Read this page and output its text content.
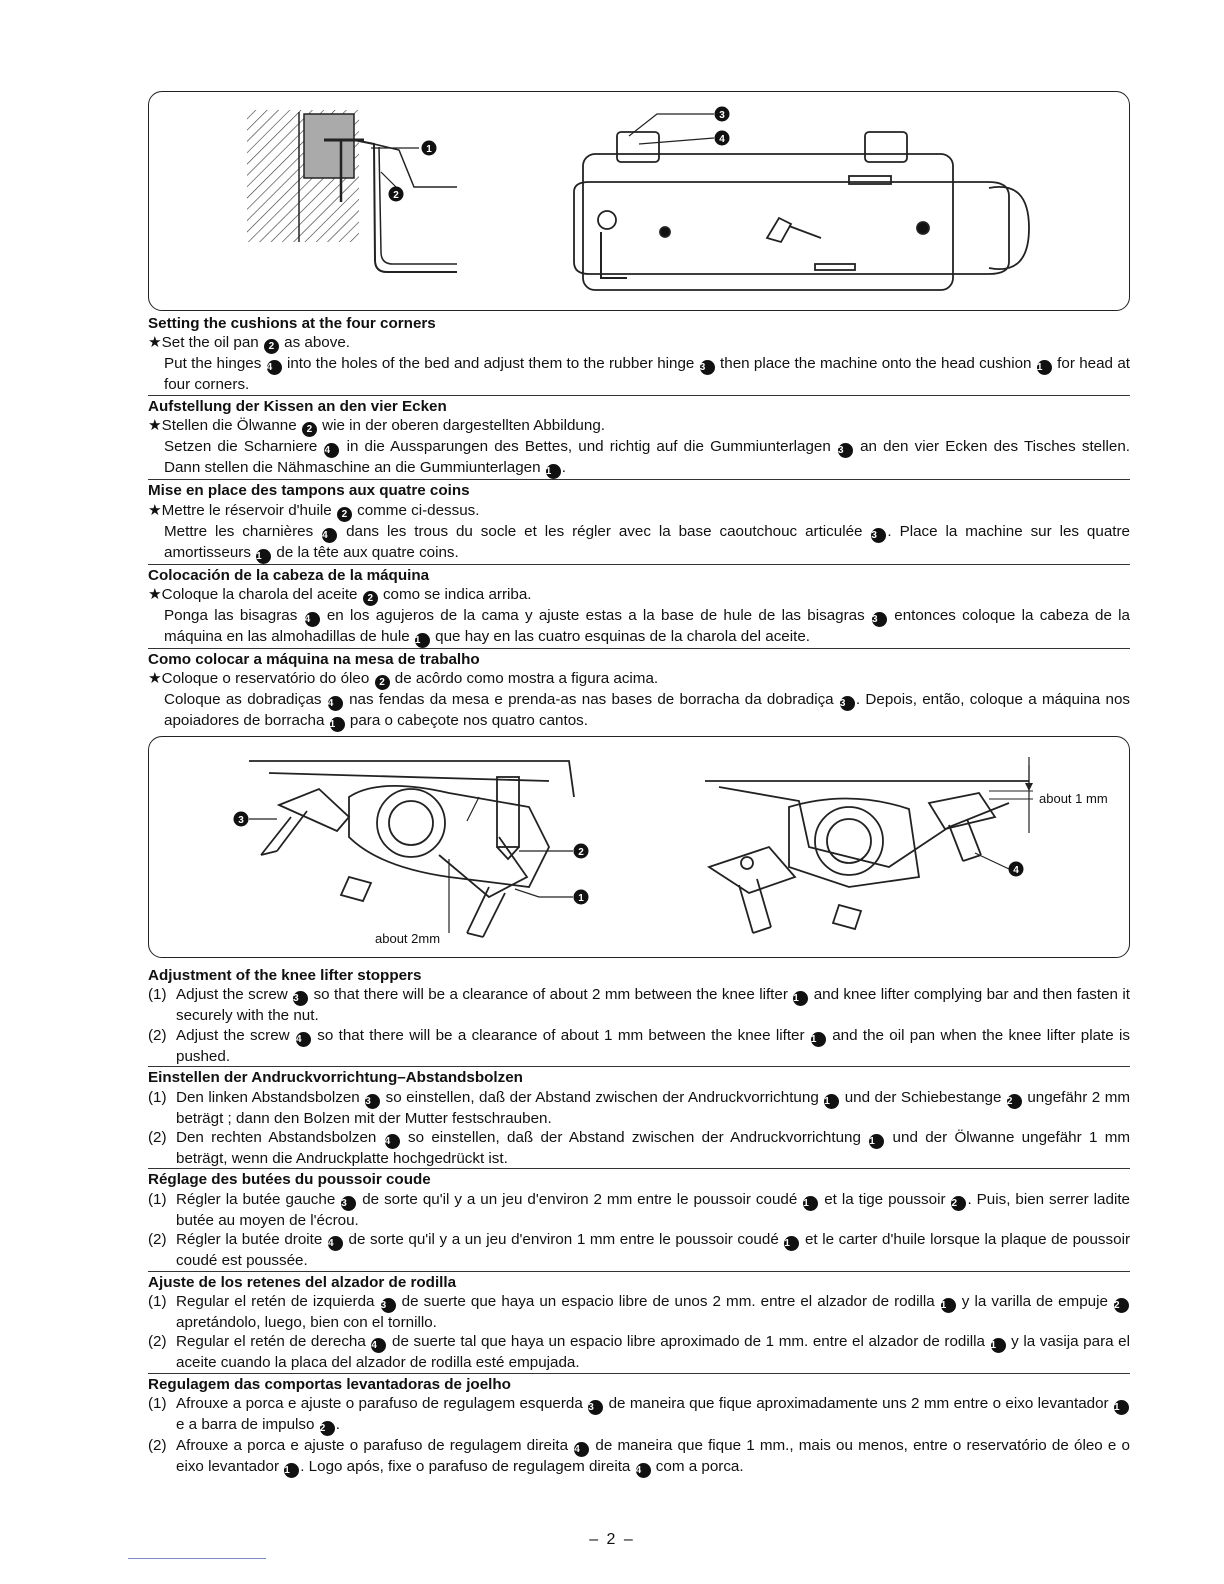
1
2
3
4
Setting the cushions at the four corners
★Set the oil pan 2 as above.
Put the hinges 4 into the holes of the bed and adjust them to the rubber hinge 3 then place the machine onto the head cushion 1 for head at four corners.
Aufstellung der Kissen an den vier Ecken
★Stellen die Ölwanne 2 wie in der oberen dargestellten Abbildung.
Setzen die Scharniere 4 in die Aussparungen des Bettes, und richtig auf die Gummiunterlagen 3 an den vier Ecken des Tisches stellen. Dann stellen die Nähmaschine an die Gummiunterlagen 1 .
Mise en place des tampons aux quatre coins
★Mettre le réservoir d'huile 2 comme ci-dessus.
Mettre les charnières 4 dans les trous du socle et les régler avec la base caoutchouc articulée 3 . Place la machine sur les quatre amortisseurs 1 de la tête aux quatre coins.
Colocación de la cabeza de la máquina
★Coloque la charola del aceite 2 como se indica arriba.
Ponga las bisagras 4 en los agujeros de la cama y ajuste estas a la base de hule de las bisagras 3 entonces coloque la cabeza de la máquina en las almohadillas de hule 1 que hay en las cuatro esquinas de la charola del aceite.
Como colocar a máquina na mesa de trabalho
★Coloque o reservatório do óleo 2 de acôrdo como mostra a figura acima.
Coloque as dobradiças 4 nas fendas da mesa e prenda-as nas bases de borracha da dobradiça 3 . Depois, então, coloque a máquina nos apoiadores de borracha 1 para o cabeçote nos quatro cantos.
3
2
1
about 2mm
about 1 mm
4
Adjustment of the knee lifter stoppers
(1) Adjust the screw 3 so that there will be a clearance of about 2 mm between the knee lifter 1 and knee lifter complying bar and then fasten it securely with the nut.
(2) Adjust the screw 4 so that there will be a clearance of about 1 mm between the knee lifter 1 and the oil pan when the knee lifter plate is pushed.
Einstellen der Andruckvorrichtung–Abstandsbolzen
(1) Den linken Abstandsbolzen 3 so einstellen, daß der Abstand zwischen der Andruckvorrichtung 1 und der Schiebestange 2 ungefähr 2 mm beträgt ; dann den Bolzen mit der Mutter festschrauben.
(2) Den rechten Abstandsbolzen 4 so einstellen, daß der Abstand zwischen der Andruckvorrichtung 1 und der Ölwanne ungefähr 1 mm beträgt, wenn die Andruckplatte hochgedrückt ist.
Réglage des butées du poussoir coude
(1) Régler la butée gauche 3 de sorte qu'il y a un jeu d'environ 2 mm entre le poussoir coudé 1 et la tige poussoir 2 . Puis, bien serrer ladite butée au moyen de l'écrou.
(2) Régler la butée droite 4 de sorte qu'il y a un jeu d'environ 1 mm entre le poussoir coudé 1 et le carter d'huile lorsque la plaque de poussoir coudé est poussée.
Ajuste de los retenes del alzador de rodilla
(1) Regular el retén de izquierda 3 de suerte que haya un espacio libre de unos 2 mm. entre el alzador de rodilla 1 y la varilla de empuje 2 apretándolo, luego, bien con el tornillo.
(2) Regular el retén de derecha 4 de suerte tal que haya un espacio libre aproximado de 1 mm. entre el alzador de rodilla 1 y la vasija para el aceite cuando la placa del alzador de rodilla esté empujada.
Regulagem das comportas levantadoras de joelho
(1) Afrouxe a porca e ajuste o parafuso de regulagem esquerda 3 de maneira que fique aproximadamente uns 2 mm entre o eixo levantador 1 e a barra de impulso 2 .
(2) Afrouxe a porca e ajuste o parafuso de regulagem direita 4 de maneira que fique 1 mm., mais ou menos, entre o reservatório de óleo e o eixo levantador 1 . Logo após, fixe o parafuso de regulagem direita 4 com a porca.
– 2 –
